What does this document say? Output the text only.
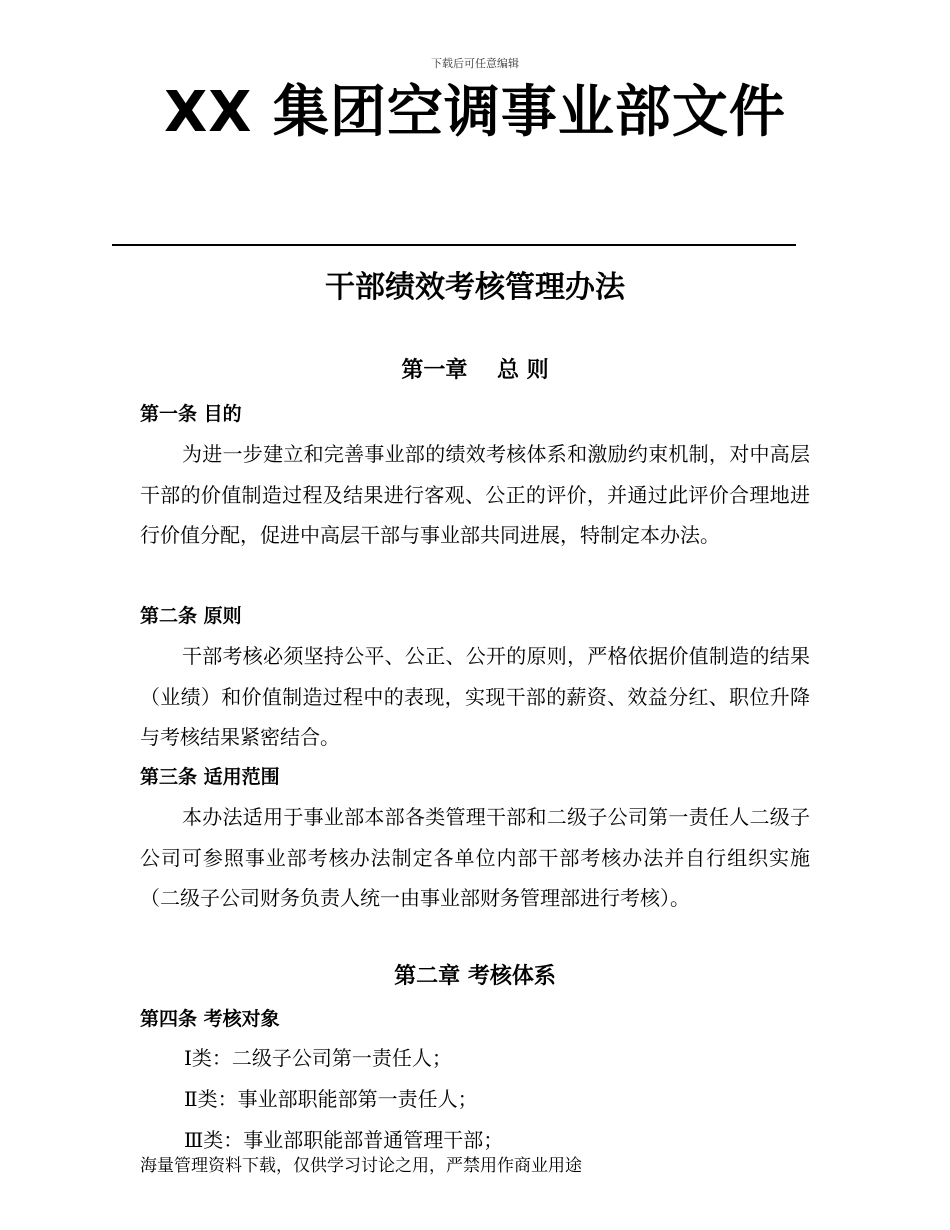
下载后可任意编辑
XX 集团空调事业部文件
干部绩效考核管理办法
第一章　 总 则
第一条 目的
为进一步建立和完善事业部的绩效考核体系和激励约束机制，对中高层干部的价值制造过程及结果进行客观、公正的评价，并通过此评价合理地进行价值分配，促进中高层干部与事业部共同进展，特制定本办法。
第二条 原则
干部考核必须坚持公平、公正、公开的原则，严格依据价值制造的结果（业绩）和价值制造过程中的表现，实现干部的薪资、效益分红、职位升降与考核结果紧密结合。
第三条 适用范围
本办法适用于事业部本部各类管理干部和二级子公司第一责任人二级子公司可参照事业部考核办法制定各单位内部干部考核办法并自行组织实施（二级子公司财务负责人统一由事业部财务管理部进行考核）。
第二章 考核体系
第四条 考核对象
Ⅰ类：二级子公司第一责任人；
Ⅱ类：事业部职能部第一责任人；
Ⅲ类：事业部职能部普通管理干部；
海量管理资料下载，仅供学习讨论之用，严禁用作商业用途
